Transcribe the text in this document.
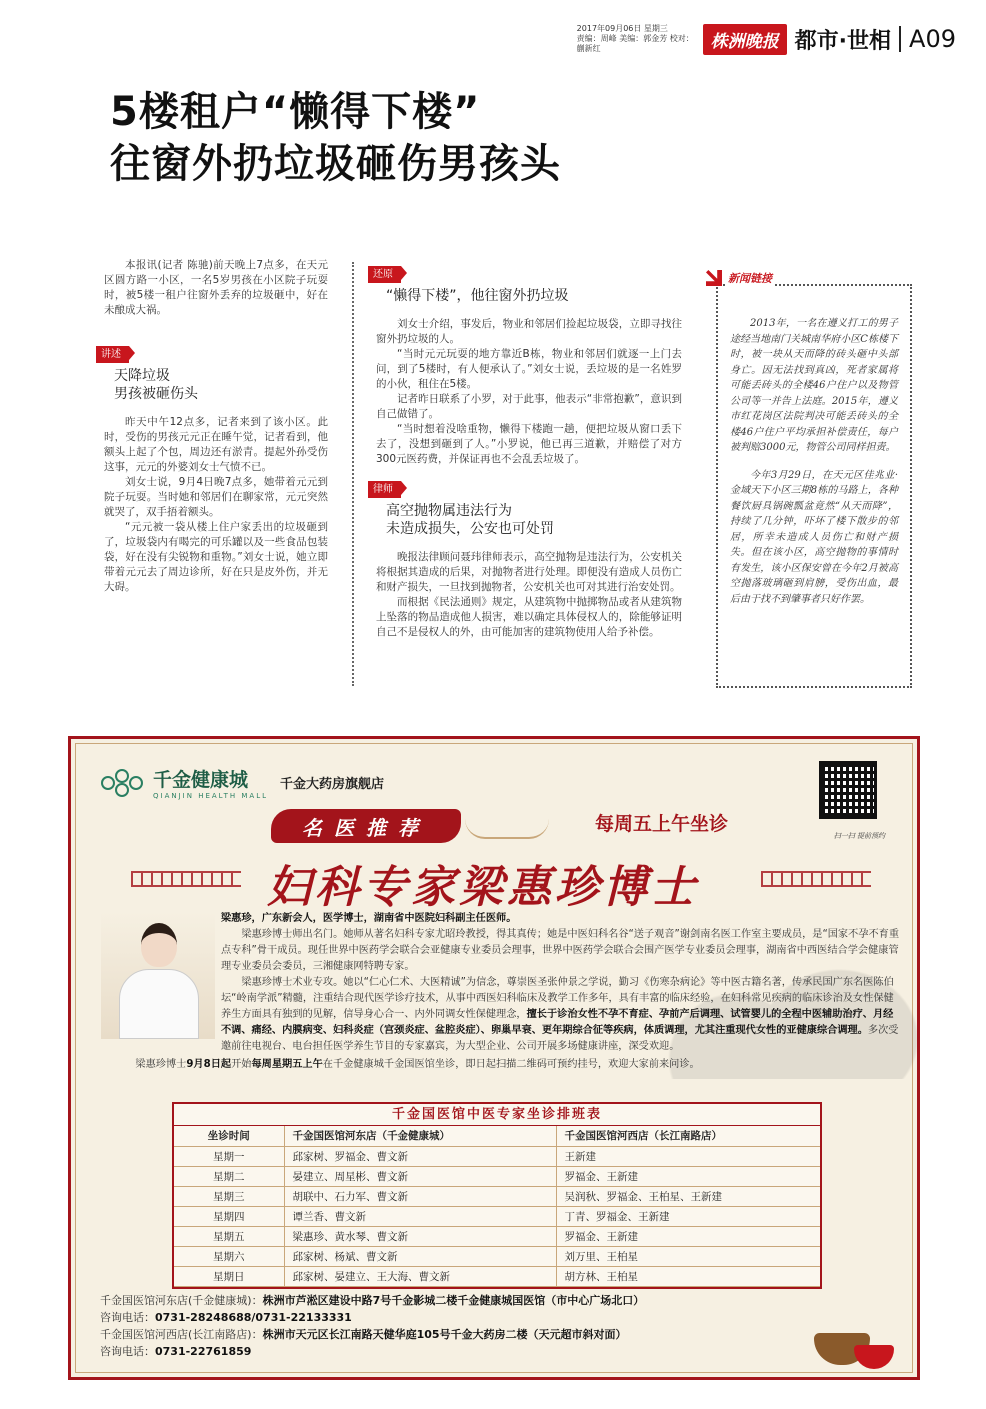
2017年09月06日 星期三
责编：周峰 美编：郭金芳 校对：蒯新红	株洲晚报 都市·世相 A09
5楼租户“懒得下楼”
往窗外扔垃圾砸伤男孩头

本报讯(记者 陈驰)前天晚上7点多，在天元区圆方路一小区，一名5岁男孩在小区院子玩耍时，被5楼一租户往窗外丢弃的垃圾砸中，好在未酿成大祸。

讲述
天降垃圾
男孩被砸伤头

昨天中午12点多，记者来到了该小区。此时，受伤的男孩元元正在睡午觉，记者看到，他额头上起了个包，周边还有淤青。提起外孙受伤这事，元元的外婆刘女士气愤不已。

刘女士说，9月4日晚7点多，她带着元元到院子玩耍。当时她和邻居们在聊家常，元元突然就哭了，双手捂着额头。

“元元被一袋从楼上住户家丢出的垃圾砸到了，垃圾袋内有喝完的可乐罐以及一些食品包装袋，好在没有尖锐物和重物。”刘女士说，她立即带着元元去了周边诊所，好在只是皮外伤，并无大碍。

还原
“懒得下楼”，他往窗外扔垃圾

刘女士介绍，事发后，物业和邻居们捡起垃圾袋，立即寻找往窗外扔垃圾的人。

“当时元元玩耍的地方靠近B栋，物业和邻居们就逐一上门去问，到了5楼时，有人便承认了。”刘女士说，丢垃圾的是一名姓罗的小伙，租住在5楼。

记者昨日联系了小罗，对于此事，他表示“非常抱歉”，意识到自己做错了。

“当时想着没啥重物，懒得下楼跑一趟，便把垃圾从窗口丢下去了，没想到砸到了人。”小罗说，他已再三道歉，并赔偿了对方300元医药费，并保证再也不会乱丢垃圾了。

律师
高空抛物属违法行为
未造成损失，公安也可处罚

晚报法律顾问聂玮律师表示，高空抛物是违法行为，公安机关将根据其造成的后果，对抛物者进行处理。即便没有造成人员伤亡和财产损失，一旦找到抛物者，公安机关也可对其进行治安处罚。

而根据《民法通则》规定，从建筑物中抛掷物品或者从建筑物上坠落的物品造成他人损害，难以确定具体侵权人的，除能够证明自己不是侵权人的外，由可能加害的建筑物使用人给予补偿。

2013年，一名在遵义打工的男子途经当地南门关城南华府小区C栋楼下时，被一块从天而降的砖头砸中头部身亡。因无法找到真凶，死者家属将可能丢砖头的全楼46户住户以及物管公司等一并告上法庭。2015年，遵义市红花岗区法院判决可能丢砖头的全楼46户住户平均承担补偿责任，每户被判赔3000元，物管公司同样担责。

今年3月29日，在天元区佳兆业·金域天下小区三期8栋的马路上，各种餐饮厨具锅碗瓢盆竟然“从天而降”，持续了几分钟，吓坏了楼下散步的邻居，所幸未造成人员伤亡和财产损失。但在该小区，高空抛物的事情时有发生，该小区保安曾在今年2月被高空抛落玻璃砸到肩膀，受伤出血，最后由于找不到肇事者只好作罢。

新闻链接
千金健康城
QIANJIN HEALTH MALL
千金大药房旗舰店
扫一扫 提前预约
名医推荐	每周五上午坐诊
妇科专家梁惠珍博士

梁惠珍，广东新会人，医学博士，湖南省中医院妇科副主任医师。

梁惠珍博士师出名门。她师从著名妇科专家尤昭玲教授，得其真传；她是中医妇科名谷“送子观音”谢剑南名医工作室主要成员，是“国家不孕不育重点专科”骨干成员。现任世界中医药学会联合会亚健康专业委员会理事，世界中医药学会联合会围产医学专业委员会理事，湖南省中西医结合学会健康管理专业委员会委员，三湘健康网特聘专家。

梁惠珍博士术业专攻。她以“仁心仁术、大医精诚”为信念，尊崇医圣张仲景之学说，勤习《伤寒杂病论》等中医古籍名著，传承民国广东名医陈伯坛“岭南学派”精髓，注重结合现代医学诊疗技术，从事中西医妇科临床及教学工作多年，具有丰富的临床经验，在妇科常见疾病的临床诊治及女性保健养生方面具有独到的见解，信导身心合一、内外同调女性保健理念，擅长于诊治女性不孕不育症、孕前产后调理、试管婴儿的全程中医辅助治疗、月经不调、痛经、内膜病变、妇科炎症（宫颈炎症、盆腔炎症）、卵巢早衰、更年期综合征等疾病，体质调理，尤其注重现代女性的亚健康综合调理。多次受邀前往电视台、电台担任医学养生节目的专家嘉宾，为大型企业、公司开展多场健康讲座，深受欢迎。

梁惠珍博士9月8日起开始每周星期五上午在千金健康城千金国医馆坐诊，即日起扫描二维码可预约挂号，欢迎大家前来问诊。

千金国医馆中医专家坐诊排班表
坐诊时间	千金国医馆河东店（千金健康城）	千金国医馆河西店（长江南路店）
星期一	邱家树、罗福金、曹文新	王新建
星期二	晏建立、周星彬、曹文新	罗福金、王新建
星期三	胡联中、石力军、曹文新	吴润秋、罗福金、王柏星、王新建
星期四	谭兰香、曹文新	丁青、罗福金、王新建
星期五	梁惠珍、黄水琴、曹文新	罗福金、王新建
星期六	邱家树、杨斌、曹文新	刘万里、王柏星
星期日	邱家树、晏建立、王大海、曹文新	胡方林、王柏星
千金国医馆河东店(千金健康城)：株洲市芦淞区建设中路7号千金影城二楼千金健康城国医馆（市中心广场北口）
咨询电话：0731-28248688/0731-22133331
千金国医馆河西店(长江南路店)：株洲市天元区长江南路天健华庭105号千金大药房二楼（天元超市斜对面）
咨询电话：0731-22761859
